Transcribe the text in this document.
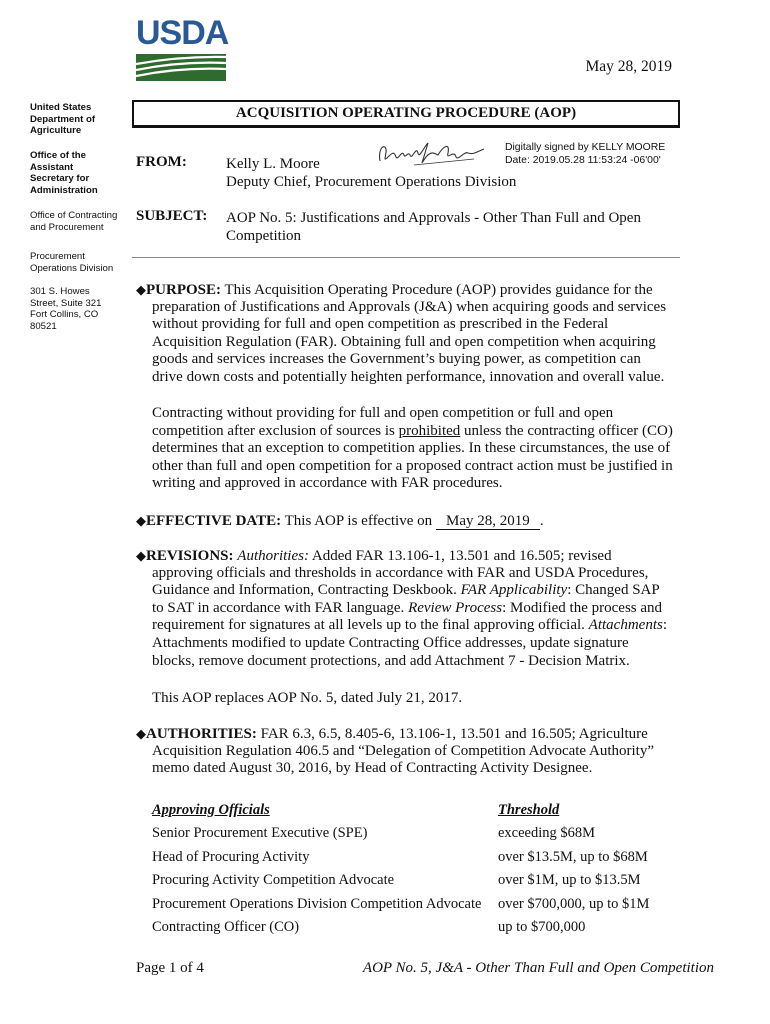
USDA
May 28, 2019
United States
Department of
Agriculture
Office of the
Assistant
Secretary for
Administration
Office of Contracting
and Procurement
Procurement
Operations Division
301 S. Howes
Street, Suite 321
Fort Collins, CO
80521
ACQUISITION OPERATING PROCEDURE (AOP)
FROM:	Kelly L. Moore
Deputy Chief, Procurement Operations Division
Digitally signed by KELLY MOORE
Date: 2019.05.28 11:53:24 -06'00'
SUBJECT: AOP No. 5: Justifications and Approvals - Other Than Full and Open
Competition
◆PURPOSE: This Acquisition Operating Procedure (AOP) provides guidance for the
preparation of Justifications and Approvals (J&A) when acquiring goods and services
without providing for full and open competition as prescribed in the Federal
Acquisition Regulation (FAR). Obtaining full and open competition when acquiring
goods and services increases the Government’s buying power, as competition can
drive down costs and potentially heighten performance, innovation and overall value.
Contracting without providing for full and open competition or full and open
competition after exclusion of sources is prohibited unless the contracting officer (CO)
determines that an exception to competition applies. In these circumstances, the use of
other than full and open competition for a proposed contract action must be justified in
writing and approved in accordance with FAR procedures.
◆EFFECTIVE DATE: This AOP is effective on May 28, 2019 .
◆REVISIONS: Authorities: Added FAR 13.106-1, 13.501 and 16.505; revised
approving officials and thresholds in accordance with FAR and USDA Procedures,
Guidance and Information, Contracting Deskbook. FAR Applicability: Changed SAP
to SAT in accordance with FAR language. Review Process: Modified the process and
requirement for signatures at all levels up to the final approving official. Attachments:
Attachments modified to update Contracting Office addresses, update signature
blocks, remove document protections, and add Attachment 7 - Decision Matrix.
This AOP replaces AOP No. 5, dated July 21, 2017.
◆AUTHORITIES: FAR 6.3, 6.5, 8.405-6, 13.106-1, 13.501 and 16.505; Agriculture
Acquisition Regulation 406.5 and “Delegation of Competition Advocate Authority”
memo dated August 30, 2016, by Head of Contracting Activity Designee.
Approving Officials	Threshold
Senior Procurement Executive (SPE)	exceeding $68M
Head of Procuring Activity	over $13.5M, up to $68M
Procuring Activity Competition Advocate	over $1M, up to $13.5M
Procurement Operations Division Competition Advocate over $700,000, up to $1M
Contracting Officer (CO)	up to $700,000
Page 1 of 4	AOP No. 5, J&A - Other Than Full and Open Competition
